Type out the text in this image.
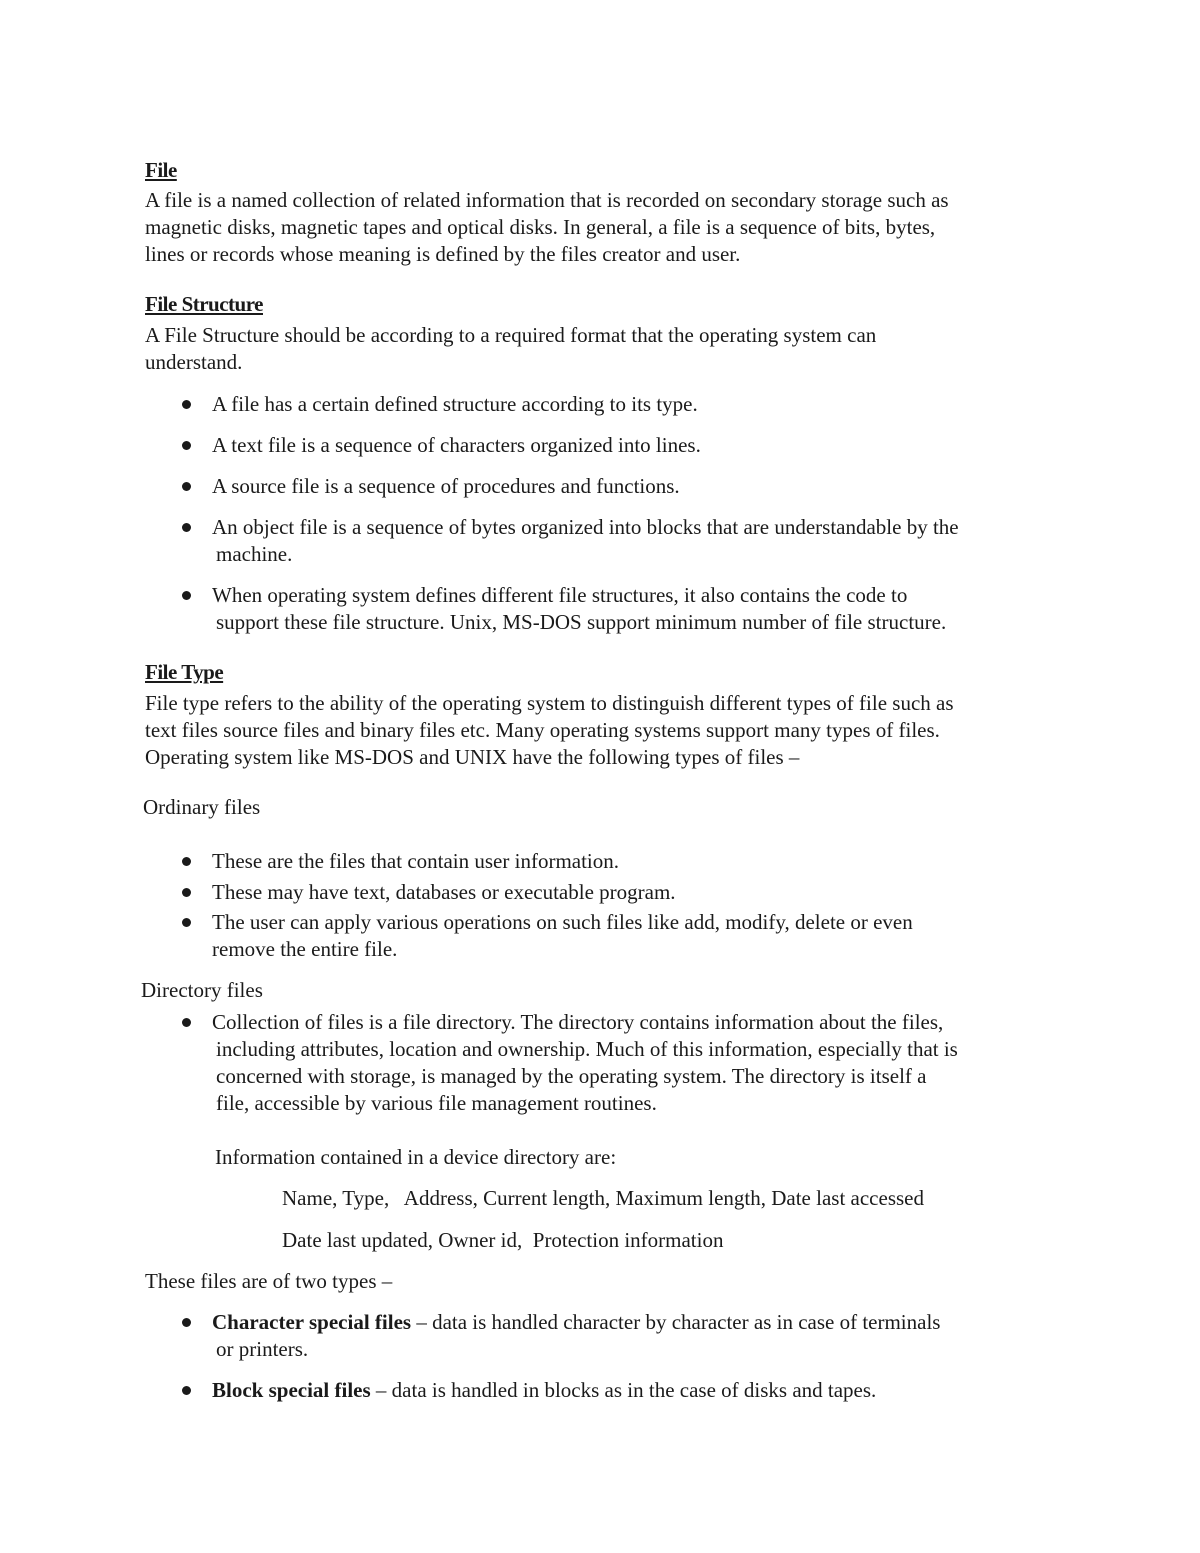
File
A file is a named collection of related information that is recorded on secondary storage such as
magnetic disks, magnetic tapes and optical disks. In general, a file is a sequence of bits, bytes,
lines or records whose meaning is defined by the files creator and user.
File Structure
A File Structure should be according to a required format that the operating system can
understand.
A file has a certain defined structure according to its type.
A text file is a sequence of characters organized into lines.
A source file is a sequence of procedures and functions.
An object file is a sequence of bytes organized into blocks that are understandable by the
machine.
When operating system defines different file structures, it also contains the code to
support these file structure. Unix, MS-DOS support minimum number of file structure.
File Type
File type refers to the ability of the operating system to distinguish different types of file such as
text files source files and binary files etc. Many operating systems support many types of files.
Operating system like MS-DOS and UNIX have the following types of files –
Ordinary files
These are the files that contain user information.
These may have text, databases or executable program.
The user can apply various operations on such files like add, modify, delete or even
remove the entire file.
Directory files
Collection of files is a file directory. The directory contains information about the files,
including attributes, location and ownership. Much of this information, especially that is
concerned with storage, is managed by the operating system. The directory is itself a
file, accessible by various file management routines.
Information contained in a device directory are:
Name, Type,   Address, Current length, Maximum length, Date last accessed
Date last updated, Owner id,  Protection information
These files are of two types –
Character special files – data is handled character by character as in case of terminals
or printers.
Block special files – data is handled in blocks as in the case of disks and tapes.
